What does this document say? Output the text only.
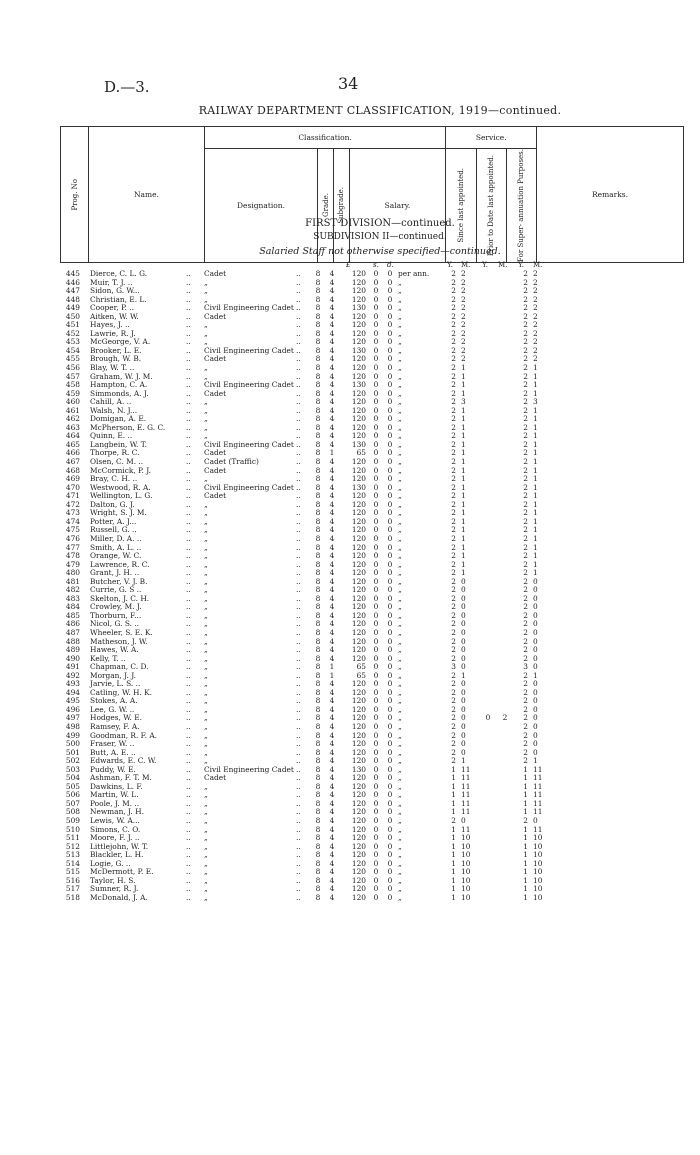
D.—3.	34
RAILWAY DEPARTMENT CLASSIFICATION, 1919—continued.
Prog. No	Name.	Classification.				Service.			Remarks.
		Designation.	Grade.	Subgrade.	Salary.	Since last appointed.	Prior to Date last appointed.	For Super- annuation Purposes.	
FIRST DIVISION—continued.
SUBDIVISION II—continued.
Salaried Staff not otherwise specified—continued.
£	s. d.	Y. M. Y. M. Y. M.
445 Dierce, C. L. G.	Cadet	8 4	120 0 0 per ann.	2 2	2 2
..	..
446 Muir, T. J. ..	„	8 4	120 0 0 „	2 2	2 2
..	..
447 Sidon, G. W...	„	8 4	120 0 0 „	2 2	2 2
..	..
448 Christian, E. L.	„	8 4	120 0 0 „	2 2	2 2
..	..
449 Cooper, P. ..	Civil Engineering Cadet	8 4	130 0 0 „	2 2	2 2
..	..
450 Aitken, W. W.	Cadet	8 4	120 0 0 „	2 2	2 2
..	..
451 Hayes, J. ..	„	8 4	120 0 0 „	2 2	2 2
..	..
452 Lawrie, R. J.	„	8 4	120 0 0 „	2 2	2 2
..	..
453 McGeorge, V. A.	„	8 4	120 0 0 „	2 2	2 2
..	..
454 Brooker, L. E.	Civil Engineering Cadet	8 4	130 0 0 „	2 2	2 2
..	..
455 Brough, W. B.	Cadet	8 4	120 0 0 „	2 2	2 2
..	..
456 Blay, W. T. ..	„	8 4	120 0 0 „	2 1	2 1
..	..
457 Graham, W. J. M.	„	8 4	120 0 0 „	2 1	2 1
..	..
458 Hampton, C. A.	Civil Engineering Cadet	8 4	130 0 0 „	2 1	2 1
..	..
459 Simmonds, A. J.	Cadet	8 4	120 0 0 „	2 1	2 1
..	..
460 Cahill, A. ..	„	8 4	120 0 0 „	2 3	2 3
..	..
461 Walsh, N. J...	„	8 4	120 0 0 „	2 1	2 1
..	..
462 Domigan, A. E.	„	8 4	120 0 0 „	2 1	2 1
..	..
463 McPherson, E. G. C.	„	8 4	120 0 0 „	2 1	2 1
..	..
464 Quinn, E. ..	„	8 4	120 0 0 „	2 1	2 1
..	..
465 Langbein, W. T.	Civil Engineering Cadet	8 4	130 0 0 „	2 1	2 1
..	..
466 Thorpe, R. C.	Cadet	8 1	65 0 0 „	2 1	2 1
..	..
467 Olsen, C. M. ..	Cadet (Traffic)	8 4	120 0 0 „	2 1	2 1
..	..
468 McCormick, P. J.	Cadet	8 4	120 0 0 „	2 1	2 1
..	..
469 Bray, C. H. ..	„	8 4	120 0 0 „	2 1	2 1
..	..
470 Westwood, R. A.	Civil Engineering Cadet	8 4	130 0 0 „	2 1	2 1
..	..
471 Wellington, L. G.	Cadet	8 4	120 0 0 „	2 1	2 1
..	..
472 Dalton, G. J.	„	8 4	120 0 0 „	2 1	2 1
..	..
473 Wright, S. J. M.	„	8 4	120 0 0 „	2 1	2 1
..	..
474 Potter, A. J...	„	8 4	120 0 0 „	2 1	2 1
..	..
475 Russell, G. ..	„	8 4	120 0 0 „	2 1	2 1
..	..
476 Miller, D. A. ..	„	8 4	120 0 0 „	2 1	2 1
..	..
477 Smith, A. L. ..	„	8 4	120 0 0 „	2 1	2 1
..	..
478 Orange, W. C.	„	8 4	120 0 0 „	2 1	2 1
..	..
479 Lawrence, R. C.	„	8 4	120 0 0 „	2 1	2 1
..	..
480 Grant, J. H. ..	„	8 4	120 0 0 „	2 1	2 1
..	..
481 Butcher, V. J. B.	„	8 4	120 0 0 „	2 0	2 0
..	..
482 Currie, G. S ..	„	8 4	120 0 0 „	2 0	2 0
..	..
483 Skelton, J. C. H.	„	8 4	120 0 0 „	2 0	2 0
..	..
484 Crowley, M. J.	„	8 4	120 0 0 „	2 0	2 0
..	..
485 Thorburn, F...	„	8 4	120 0 0 „	2 0	2 0
..	..
486 Nicol, G. S. ..	„	8 4	120 0 0 „	2 0	2 0
..	..
487 Wheeler, S. E. K.	„	8 4	120 0 0 „	2 0	2 0
..	..
488 Matheson, J. W.	„	8 4	120 0 0 „	2 0	2 0
..	..
489 Hawes, W. A.	„	8 4	120 0 0 „	2 0	2 0
..	..
490 Kelly, T. ..	„	8 4	120 0 0 „	2 0	2 0
..	..
491 Chapman, C. D.	„	8 1	65 0 0 „	3 0	3 0
..	..
492 Morgan, J. J.	„	8 1	65 0 0 „	2 1	2 1
..	..
493 Jarvie, L. S. ..	„	8 4	120 0 0 „	2 0	2 0
..	..
494 Catling, W. H. K.	„	8 4	120 0 0 „	2 0	2 0
..	..
495 Stokes, A. A.	„	8 4	120 0 0 „	2 0	2 0
..	..
496 Lee, G. W. ..	„	8 4	120 0 0 „	2 0	2 0
..	..
497 Hodges, W. E.	„	8 4	120 0 0 „	2 0	0	2	2 0
..	..
498 Ramsey, F. A.	„	8 4	120 0 0 „	2 0	2 0
..	..
499 Goodman, R. F. A.	„	8 4	120 0 0 „	2 0	2 0
..	..
500 Fraser, W. ..	„	8 4	120 0 0 „	2 0	2 0
..	..
501 Butt, A. E. ..	„	8 4	120 0 0 „	2 0	2 0
..	..
502 Edwards, E. C. W.	„	8 4	120 0 0 „	2 1	2 1
..	..
503 Puddy, W. E.	Civil Engineering Cadet	8 4	130 0 0 „	1 11	1 11
..	..
504 Ashman, F. T. M.	Cadet	8 4	120 0 0 „	1 11	1 11
..	..
505 Dawkins, L. F.	„	8 4	120 0 0 „	1 11	1 11
..	..
506 Martin, W. L.	„	8 4	120 0 0 „	1 11	1 11
..	..
507 Poole, J. M. ..	„	8 4	120 0 0 „	1 11	1 11
..	..
508 Newman, J. H.	„	8 4	120 0 0 „	1 11	1 11
..	..
509 Lewis, W. A...	„	8 4	120 0 0 „	2 0	2 0
..	..
510 Simons, C. O.	„	8 4	120 0 0 „	1 11	1 11
..	..
511 Moore, F. J. ..	„	8 4	120 0 0 „	1 10	1 10
..	..
512 Littlejohn, W. T.	„	8 4	120 0 0 „	1 10	1 10
..	..
513 Blackler, L. H.	„	8 4	120 0 0 „	1 10	1 10
..	..
514 Logie, G. ..	„	8 4	120 0 0 „	1 10	1 10
..	..
515 McDermott, P. E.	„	8 4	120 0 0 „	1 10	1 10
..	..
516 Taylor, H. S.	„	8 4	120 0 0 „	1 10	1 10
..	..
517 Sumner, R. J.	„	8 4	120 0 0 „	1 10	1 10
..	..
518 McDonald, J. A.	„	8 4	120 0 0 „	1 10	1 10
..	..
